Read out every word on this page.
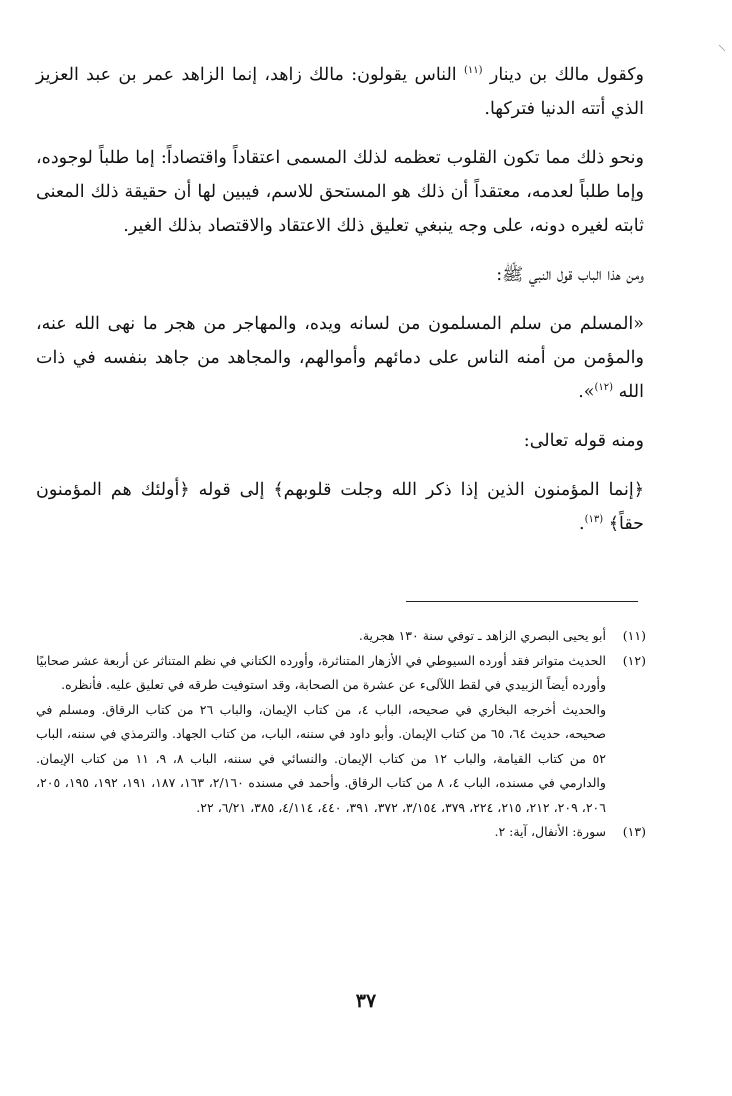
وكقول مالك بن دينار $^{(١١)}$ الناس يقولون: مالك زاهد، إنما الزاهد عمر بن عبد العزيز الذي أتته الدنيا فتركها.

ونحو ذلك مما تكون القلوب تعظمه لذلك المسمى اعتقاداً واقتصاداً: إما طلباً لوجوده، وإما طلباً لعدمه، معتقداً أن ذلك هو المستحق للاسم، فيبين لها أن حقيقة ذلك المعنى ثابته لغيره دونه، على وجه ينبغي تعليق ذلك الاعتقاد والاقتصاد بذلك الغير.

ومن هذا الباب قول النبي ﷺ:

«المسلم من سلم المسلمون من لسانه ويده، والمهاجر من هجر ما نهى الله عنه، والمؤمن من أمنه الناس على دمائهم وأموالهم، والمجاهد من جاهد بنفسه في ذات الله $^{(١٢)}$».

ومنه قوله تعالى:

﴿إنما المؤمنون الذين إذا ذكر الله وجلت قلوبهم﴾ إلى قوله ﴿أولئك هم المؤمنون حقاً﴾ $^{(١٣)}$.

(١١)

أبو يحيى البصري الزاهد ـ توفي سنة ١٣٠ هجرية.

(١٢)

الحديث متواتر فقد أورده السيوطي في الأزهار المتناثرة، وأورده الكتاني في نظم المتناثر عن أربعة عشر صحابيًا وأورده أيضاً الزبيدي في لقط اللآلىء عن عشرة من الصحابة، وقد استوفيت طرقه في تعليق عليه. فأنظره.

والحديث أخرجه البخاري في صحيحه، الباب ٤، من كتاب الإيمان، والباب ٢٦ من كتاب الرقاق. ومسلم في صحيحه، حديث ٦٤، ٦٥ من كتاب الإيمان. وأبو داود في سننه، الباب، من كتاب الجهاد. والترمذي في سننه، الباب ٥٢ من كتاب القيامة، والباب ١٢ من كتاب الإيمان. والنسائي في سننه، الباب ٨، ٩، ١١ من كتاب الإيمان. والدارمي في مسنده، الباب ٤، ٨ من كتاب الرقاق. وأحمد في مسنده ٢/١٦٠، ١٦٣، ١٨٧، ١٩١، ١٩٢، ١٩٥، ٢٠٥، ٢٠٦، ٢٠٩، ٢١٢، ٢١٥، ٢٢٤، ٣٧٩، ٣/١٥٤، ٣٧٢، ٣٩١، ٤٤٠، ٤/١١٤، ٣٨٥، ٦/٢١، ٢٢.

(١٣)

سورة: الأنفال، آية: ٢.

٣٧
